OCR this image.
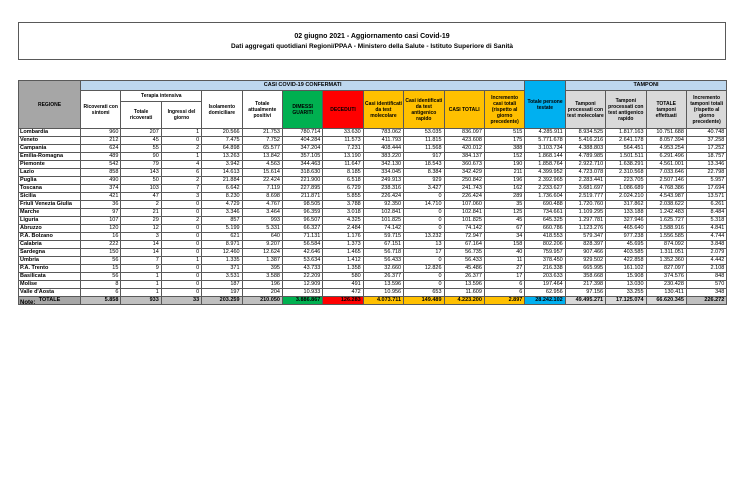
02 giugno 2021 - Aggiornamento casi Covid-19
Dati aggregati quotidiani Regioni/PPAA - Ministero della Salute - Istituto Superiore di Sanità
REGIONE	CASI COVID-19 CONFERMATI											Totale persone testate	TAMPONI			
	Ricoverati con sintomi	Terapia intensiva		Isolamento domiciliare	Totale attualmente positivi	DIMESSI GUARITI	DECEDUTI	Casi identificati da test molecolare	Casi identificati da test antigenico rapido	CASI TOTALI	Incremento casi totali (rispetto al giorno precedente)		Tamponi processati con test molecolare	Tamponi processati con test antigenico rapido	TOTALE tamponi effettuati	Incremento tamponi totali (rispetto al giorno precedente)
		Totale ricoverati	Ingressi del giorno													
Lombardia	960	207	1	20.566	21.753	780.714	33.630	783.062	53.035	836.097	515	4.285.911	8.934.525	1.817.163	10.751.688	40.748
Veneto	212	45	0	7.475	7.752	404.284	11.573	411.793	11.815	423.608	175	5.771.678	5.416.216	2.641.178	8.057.394	37.258
Campania	624	55	2	64.898	65.577	347.204	7.231	408.444	11.568	420.012	388	3.103.734	4.388.803	564.451	4.953.254	17.252
Emilia-Romagna	489	90	1	13.263	13.842	357.105	13.190	383.220	917	384.137	152	1.868.144	4.789.985	1.501.511	6.291.496	18.757
Piemonte	542	79	4	3.942	4.563	344.463	11.647	342.130	18.543	360.673	190	1.858.764	2.922.710	1.638.291	4.561.001	13.346
Lazio	858	143	6	14.613	15.614	318.630	8.185	334.045	8.384	342.429	211	4.399.952	4.723.078	2.310.568	7.033.646	22.798
Puglia	490	50	2	21.884	22.424	221.900	6.518	249.913	929	250.842	196	2.392.965	2.283.441	223.705	2.507.146	5.957
Toscana	374	103	7	6.642	7.119	227.895	6.729	238.316	3.427	241.743	162	2.233.627	3.681.697	1.086.689	4.768.386	17.694
Sicilia	421	47	3	8.230	8.698	211.871	5.855	226.424	0	226.424	289	1.736.604	2.519.777	2.024.210	4.543.987	13.571
Friuli Venezia Giulia	36	2	0	4.729	4.767	98.505	3.788	92.350	14.710	107.060	35	690.488	1.720.760	317.862	2.038.622	6.261
Marche	97	21	0	3.346	3.464	96.359	3.018	102.841	0	102.841	125	734.661	1.109.295	133.188	1.242.483	8.484
Liguria	107	29	2	857	993	96.507	4.325	101.825	0	101.825	45	645.325	1.297.781	327.946	1.625.727	5.318
Abruzzo	120	12	0	5.199	5.331	66.327	2.484	74.142	0	74.142	67	660.786	1.123.276	465.640	1.588.916	4.841
P.A. Bolzano	16	3	0	621	640	71.131	1.176	59.715	13.232	72.947	34	418.553	579.347	977.238	1.556.585	4.744
Calabria	222	14	0	8.971	9.207	56.584	1.373	67.151	13	67.164	158	802.206	828.397	45.695	874.092	3.848
Sardegna	150	14	0	12.460	12.624	42.646	1.465	56.718	17	56.735	40	759.957	907.466	403.585	1.311.051	2.079
Umbria	56	7	1	1.335	1.387	53.634	1.412	56.433	0	56.433	11	378.450	929.502	422.858	1.352.360	4.442
P.A. Trento	15	9	0	371	395	43.733	1.358	32.660	12.826	45.486	27	216.338	665.995	161.102	827.097	2.108
Basilicata	56	1	0	3.531	3.588	22.209	580	26.377	0	26.377	17	203.633	358.668	15.908	374.576	848
Molise	8	1	0	187	196	12.909	491	13.596	0	13.596	6	197.464	217.398	13.030	230.428	570
Valle d'Aosta	6	1	0	197	204	10.933	472	10.956	653	11.609	6	62.956	97.156	33.255	130.411	348
TOTALE	5.858	933	33	203.259	210.050	3.886.867	126.283	4.073.711	149.489	4.223.200	2.897	28.242.102	49.495.271	17.125.074	66.620.345	226.272
Note:
